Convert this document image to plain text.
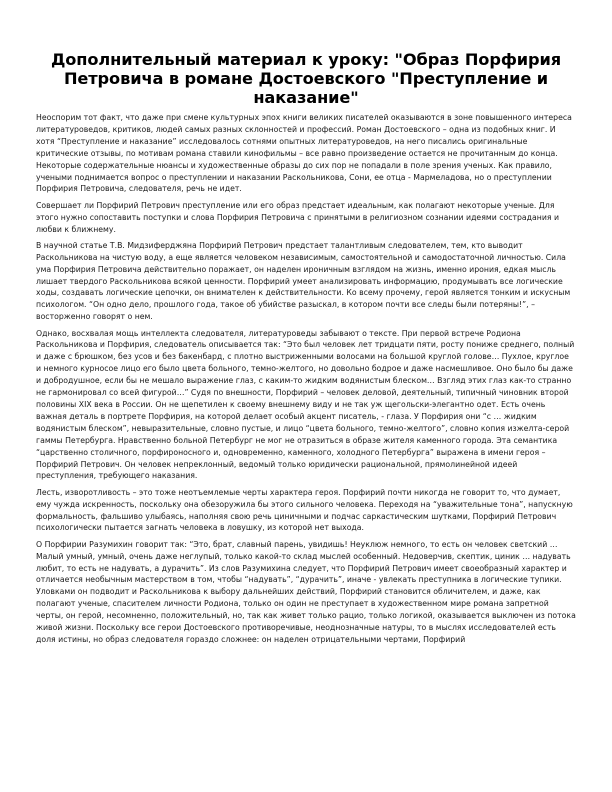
Дополнительный материал к уроку: "Образ Порфирия Петровича в романе Достоевского "Преступление и наказание"

Неоспорим тот факт, что даже при смене культурных эпох книги великих писателей оказываются в зоне повышенного интереса литературоведов, критиков, людей самых разных склонностей и профессий. Роман Достоевского – одна из подобных книг. И хотя “Преступление и наказание” исследовалось сотнями опытных литературоведов, на него писались оригинальные критические отзывы, по мотивам романа ставили кинофильмы – все равно произведение остается не прочитанным до конца. Некоторые содержательные нюансы и художественные образы до сих пор не попадали в поле зрения ученых. Как правило, учеными поднимается вопрос о преступлении и наказании Раскольникова, Сони, ее отца - Мармеладова, но о преступлении Порфирия Петровича, следователя, речь не идет.

Совершает ли Порфирий Петрович преступление или его образ предстает идеальным, как полагают некоторые ученые. Для этого нужно сопоставить поступки и слова Порфирия Петровича с принятыми в религиозном сознании идеями сострадания и любви к ближнему.

В научной статье Т.В. Мидзиферджяна Порфирий Петрович предстает талантливым следователем, тем, кто выводит Раскольникова на чистую воду, а еще является человеком независимым, самостоятельной и самодостаточной личностью. Сила ума Порфирия Петровича действительно поражает, он наделен ироничным взглядом на жизнь, именно ирония, едкая мысль лишает твердого Раскольникова всякой ценности. Порфирий умеет анализировать информацию, продумывать все логические ходы, создавать логические цепочки, он внимателен к действительности. Ко всему прочему, герой является тонким и искусным психологом. “Он одно дело, прошлого года, такое об убийстве разыскал, в котором почти все следы были потеряны!”, – восторженно говорят о нем.

Однако, восхвалая мощь интеллекта следователя, литературоведы забывают о тексте. При первой встрече Родиона Раскольникова и Порфирия, следователь описывается так: “Это был человек лет тридцати пяти, росту пониже среднего, полный и даже с брюшком, без усов и без бакенбард, с плотно выстриженными волосами на большой круглой голове… Пухлое, круглое и немного курносое лицо его было цвета больного, темно-желтого, но довольно бодрое и даже насмешливое. Оно было бы даже и добродушное, если бы не мешало выражение глаз, с каким-то жидким водянистым блеском… Взгляд этих глаз как-то странно не гармонировал со всей фигурой…” Судя по внешности, Порфирий – человек деловой, деятельный, типичный чиновник второй половины XIX века в России. Он не щепетилен к своему внешнему виду и не так уж щегольски-элегантно одет. Есть очень важная деталь в портрете Порфирия, на которой делает особый акцент писатель, - глаза. У Порфирия они “с … жидким водянистым блеском”, невыразительные, словно пустые, и лицо “цвета больного, темно-желтого”, словно копия изжелта-серой гаммы Петербурга. Нравственно больной Петербург не мог не отразиться в образе жителя каменного города. Эта семантика “царственно столичного, порфироносного и, одновременно, каменного, холодного Петербурга” выражена в имени героя – Порфирий Петрович. Он человек непреклонный, ведомый только юридически рациональной, прямолинейной идеей преступления, требующего наказания.

Лесть, изворотливость – это тоже неотъемлемые черты характера героя. Порфирий почти никогда не говорит то, что думает, ему чужда искренность, поскольку она обезоружила бы этого сильного человека. Переходя на “уважительные тона”, напускную формальность, фальшиво улыбаясь, наполняя свою речь циничными и подчас саркастическим шутками, Порфирий Петрович психологически пытается загнать человека в ловушку, из которой нет выхода.

О Порфирии Разумихин говорит так: “Это, брат, славный парень, увидишь! Неуклюж немного, то есть он человек светский … Малый умный, умный, очень даже неглупый, только какой-то склад мыслей особенный. Недоверчив, скептик, циник … надувать любит, то есть не надувать, а дурачить”. Из слов Разумихина следует, что Порфирий Петрович имеет своеобразный характер и отличается необычным мастерством в том, чтобы “надувать”, “дурачить”, иначе - увлекать преступника в логические тупики. Уловками он подводит и Раскольникова к выбору дальнейших действий, Порфирий становится обличителем, и даже, как полагают ученые, спасителем личности Родиона, только он один не преступает в художественном мире романа запретной черты, он герой, несомненно, положительный, но, так как живет только рацио, только логикой, оказывается выключен из потока живой жизни. Поскольку все герои Достоевского противоречивые, неоднозначные натуры, то в мыслях исследователей есть доля истины, но образ следователя гораздо сложнее: он наделен отрицательными чертами, Порфирий
